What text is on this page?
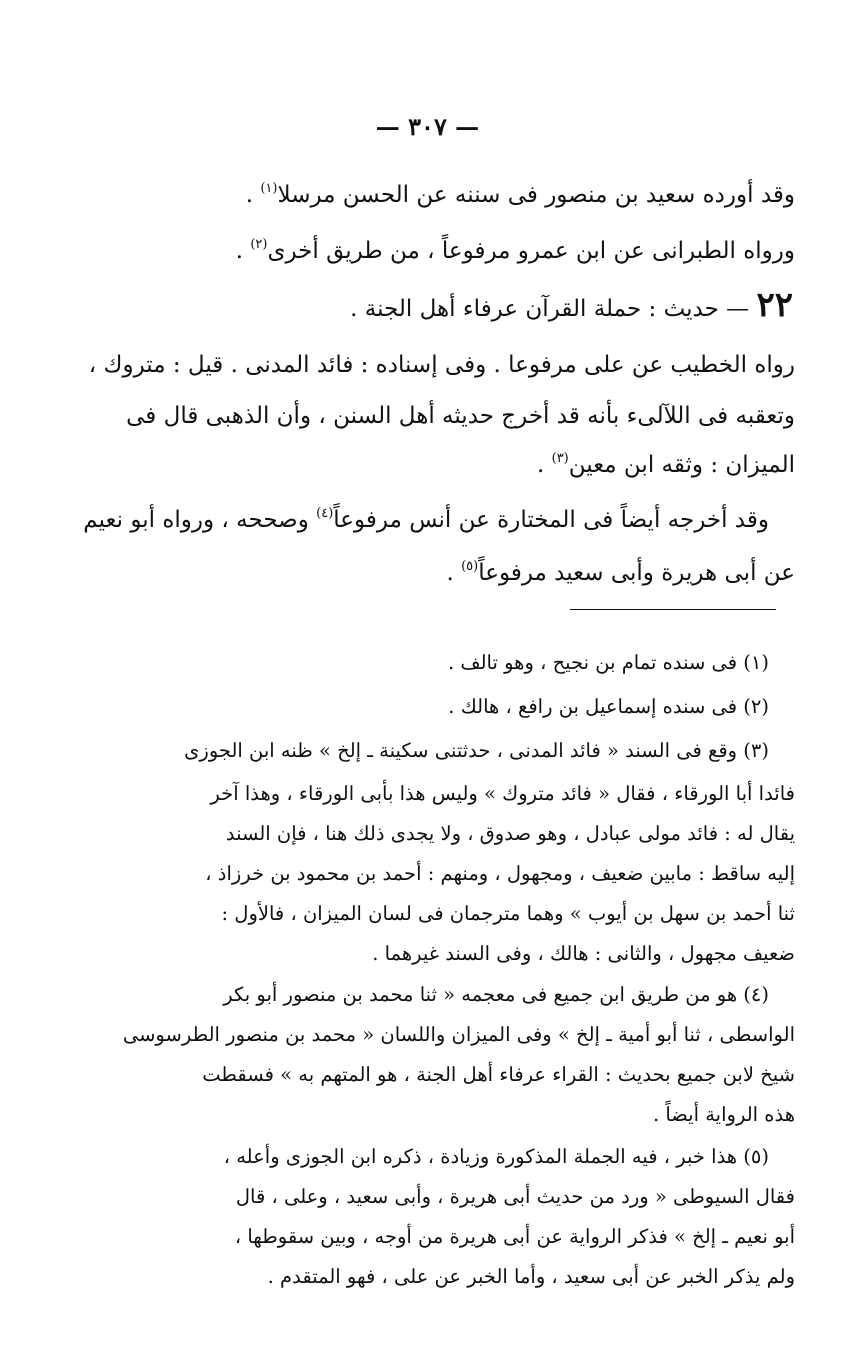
— ٣٠٧ —
وقد أورده سعيد بن منصور فى سننه عن الحسن مرسلا$^{(١)}$ .
ورواه الطبرانى عن ابن عمرو مرفوعاً ، من طريق أخرى$^{(٢)}$ .
٢٢ — حديث : حملة القرآن عرفاء أهل الجنة .
رواه الخطيب عن على مرفوعا . وفى إسناده : فائد المدنى . قيل : متروك ،
وتعقبه فى اللآلىء بأنه قد أخرج حديثه أهل السنن ، وأن الذهبى قال فى
الميزان : وثقه ابن معين$^{(٣)}$ .
وقد أخرجه أيضاً فى المختارة عن أنس مرفوعاً$^{(٤)}$ وصححه ، ورواه أبو نعيم
عن أبى هريرة وأبى سعيد مرفوعاً$^{(٥)}$ .
(١) فى سنده تمام بن نجيح ، وهو تالف .
(٢) فى سنده إسماعيل بن رافع ، هالك .
(٣) وقع فى السند « فائد المدنى ، حدثتنى سكينة ـ إلخ » ظنه ابن الجوزى
فائدا أبا الورقاء ، فقال « فائد متروك » وليس هذا بأبى الورقاء ، وهذا آخر
يقال له : فائد مولى عبادل ، وهو صدوق ، ولا يجدى ذلك هنا ، فإن السند
إليه ساقط : مابين ضعيف ، ومجهول ، ومنهم : أحمد بن محمود بن خرزاذ ،
ثنا أحمد بن سهل بن أيوب » وهما مترجمان فى لسان الميزان ، فالأول :
ضعيف مجهول ، والثانى : هالك ، وفى السند غيرهما .
(٤) هو من طريق ابن جميع فى معجمه « ثنا محمد بن منصور أبو بكر
الواسطى ، ثنا أبو أمية ـ إلخ » وفى الميزان واللسان « محمد بن منصور الطرسوسى
شيخ لابن جميع بحديث : القراء عرفاء أهل الجنة ، هو المتهم به » فسقطت
هذه الرواية أيضاً .
(٥) هذا خبر ، فيه الجملة المذكورة وزيادة ، ذكره ابن الجوزى وأعله ،
فقال السيوطى « ورد من حديث أبى هريرة ، وأبى سعيد ، وعلى ، قال
أبو نعيم ـ إلخ » فذكر الرواية عن أبى هريرة من أوجه ، وبين سقوطها ،
ولم يذكر الخبر عن أبى سعيد ، وأما الخبر عن على ، فهو المتقدم .
